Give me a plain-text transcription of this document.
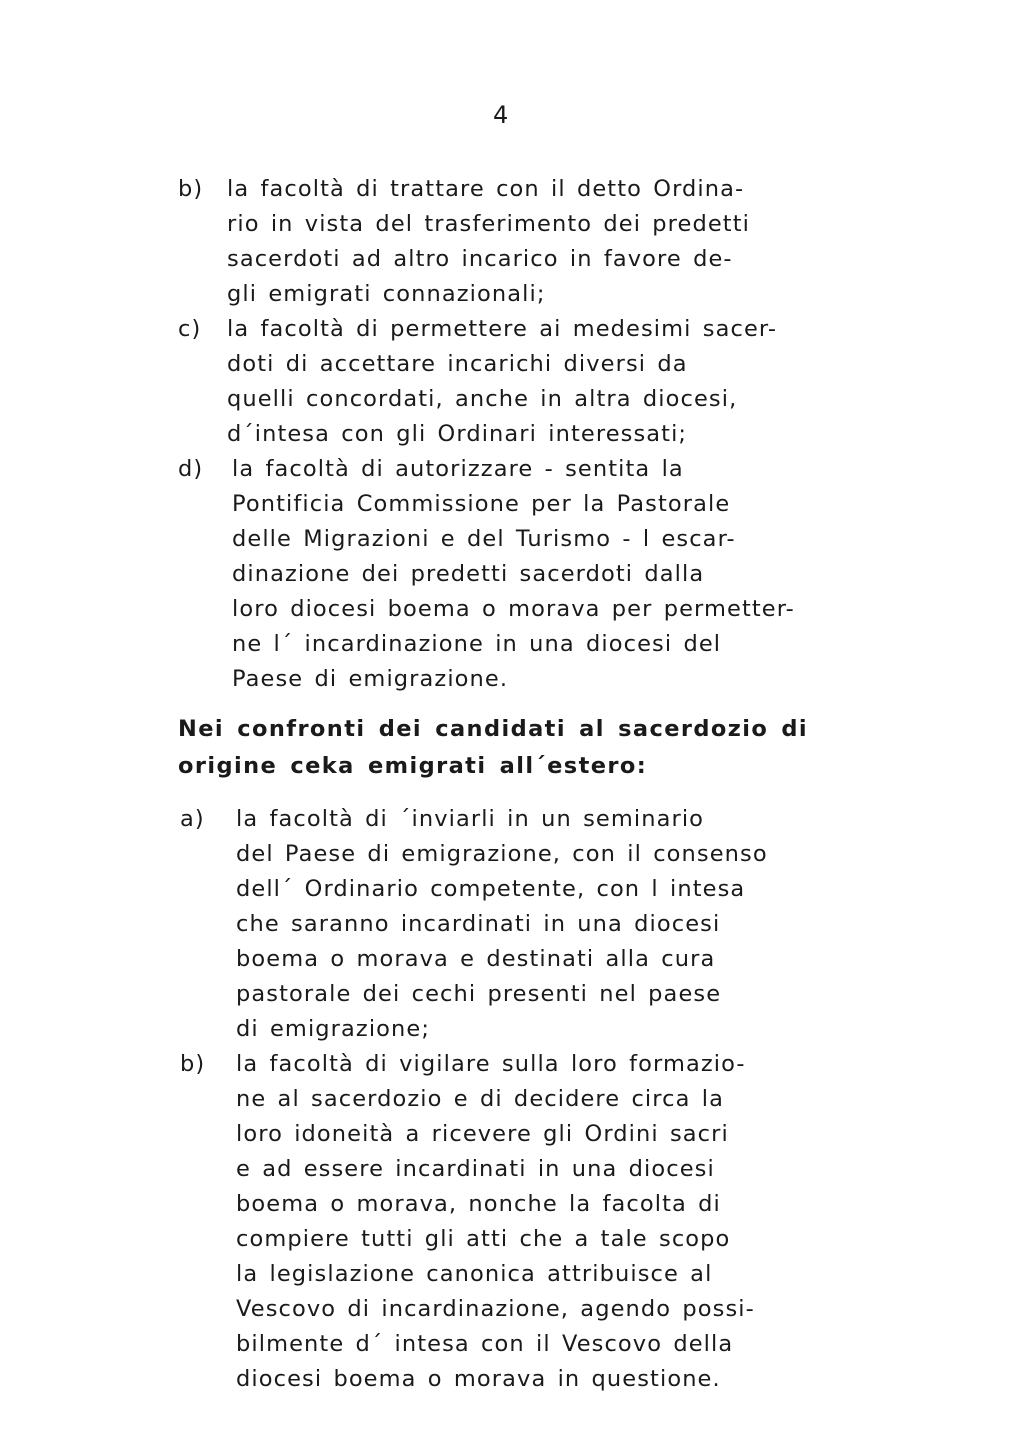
4
b) la facoltà di trattare con il detto Ordina-
rio in vista del trasferimento dei predetti
sacerdoti ad altro incarico in favore de-
gli emigrati connazionali;
c) la facoltà di permettere ai medesimi sacer-
doti di accettare incarichi diversi da
quelli concordati, anche in altra diocesi,
d´intesa con gli Ordinari interessati;
d) la facoltà di autorizzare - sentita la
Pontificia Commissione per la Pastorale
delle Migrazioni e del Turismo - l escar-
dinazione dei predetti sacerdoti dalla
loro diocesi boema o morava per permetter-
ne l´ incardinazione in una diocesi del
Paese di emigrazione.
Nei confronti dei candidati al sacerdozio di
origine ceka emigrati all´estero:
a) la facoltà di ´inviarli in un seminario
del Paese di emigrazione, con il consenso
dell´ Ordinario competente, con l intesa
che saranno incardinati in una diocesi
boema o morava e destinati alla cura
pastorale dei cechi presenti nel paese
di emigrazione;
b) la facoltà di vigilare sulla loro formazio-
ne al sacerdozio e di decidere circa la
loro idoneità a ricevere gli Ordini sacri
e ad essere incardinati in una diocesi
boema o morava, nonche la facolta di
compiere tutti gli atti che a tale scopo
la legislazione canonica attribuisce al
Vescovo di incardinazione, agendo possi-
bilmente d´ intesa con il Vescovo della
diocesi boema o morava in questione.
